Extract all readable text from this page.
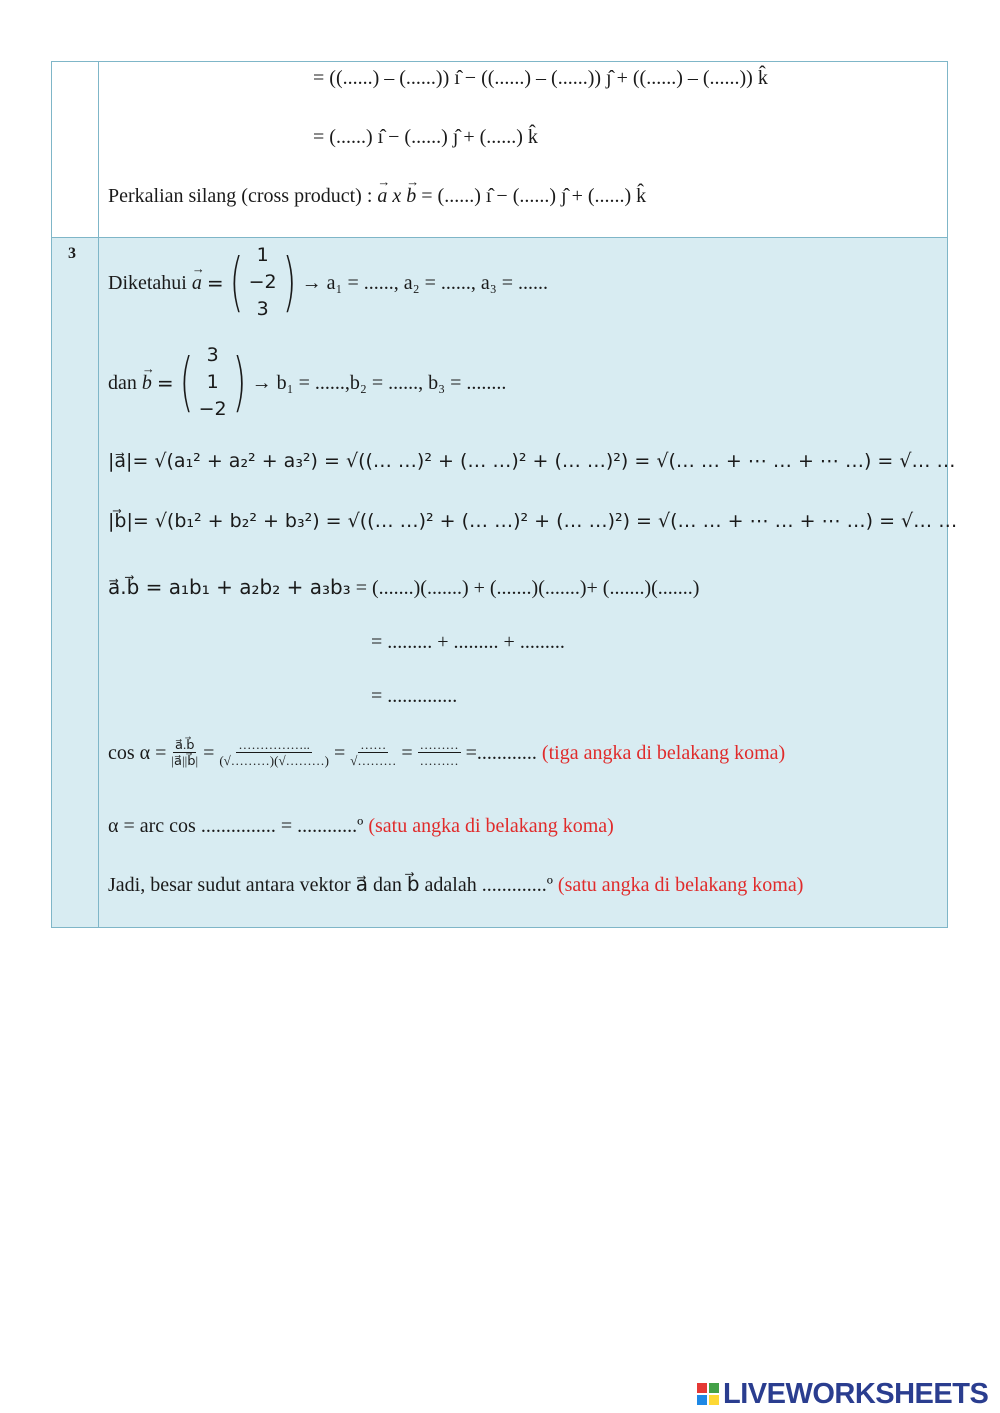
= ((......) – (......)) ı̂ − ((......) – (......)) ȷ̂ + ((......) – (......)) k̂
= (......) ı̂ − (......) ȷ̂ + (......) k̂
Perkalian silang (cross product) : → a x → b = (......) ı̂ − (......) ȷ̂ + (......) k̂
3
Diketahui
→ a
= ( 1
−2
3 ) → a₁ = ......, a₂ = ......, a₃ = ......
dan
→ b
= ( 3
1
−2 ) → b₁ = ......,b₂ = ......, b₃ = ........
|a⃗|= √(a₁² + a₂² + a₃²) = √((… …)² + (… …)² + (… …)²) = √(… … + ⋯ … + ⋯ …) = √… …
|b⃗|= √(b₁² + b₂² + b₃²) = √((… …)² + (… …)² + (… …)²) = √(… … + ⋯ … + ⋯ …) = √… …
a⃗.b⃗ = a₁b₁ + a₂b₂ + a₃b₃ = (.......)(.......) + (.......)(.......)+ (.......)(.......)
= ......... + ......... + .........
= ..............
cos α =
$\frac{a⃗.b⃗}{|a⃗||b⃗|} = \frac{\dots\dots\dots\dots\dots..}{(√\dots\dots\dots)(√\dots\dots\dots)} = \frac{\dots\dots}{√\dots\dots\dots} = \frac{\dots\dots\dots}{\dots\dots\dots}$
=............
(tiga angka di belakang koma)
α = arc cos ............... = ............º (satu angka di belakang koma)
Jadi, besar sudut antara vektor a⃗ dan b⃗ adalah .............º (satu angka di belakang koma)
LIVEWORKSHEETS
